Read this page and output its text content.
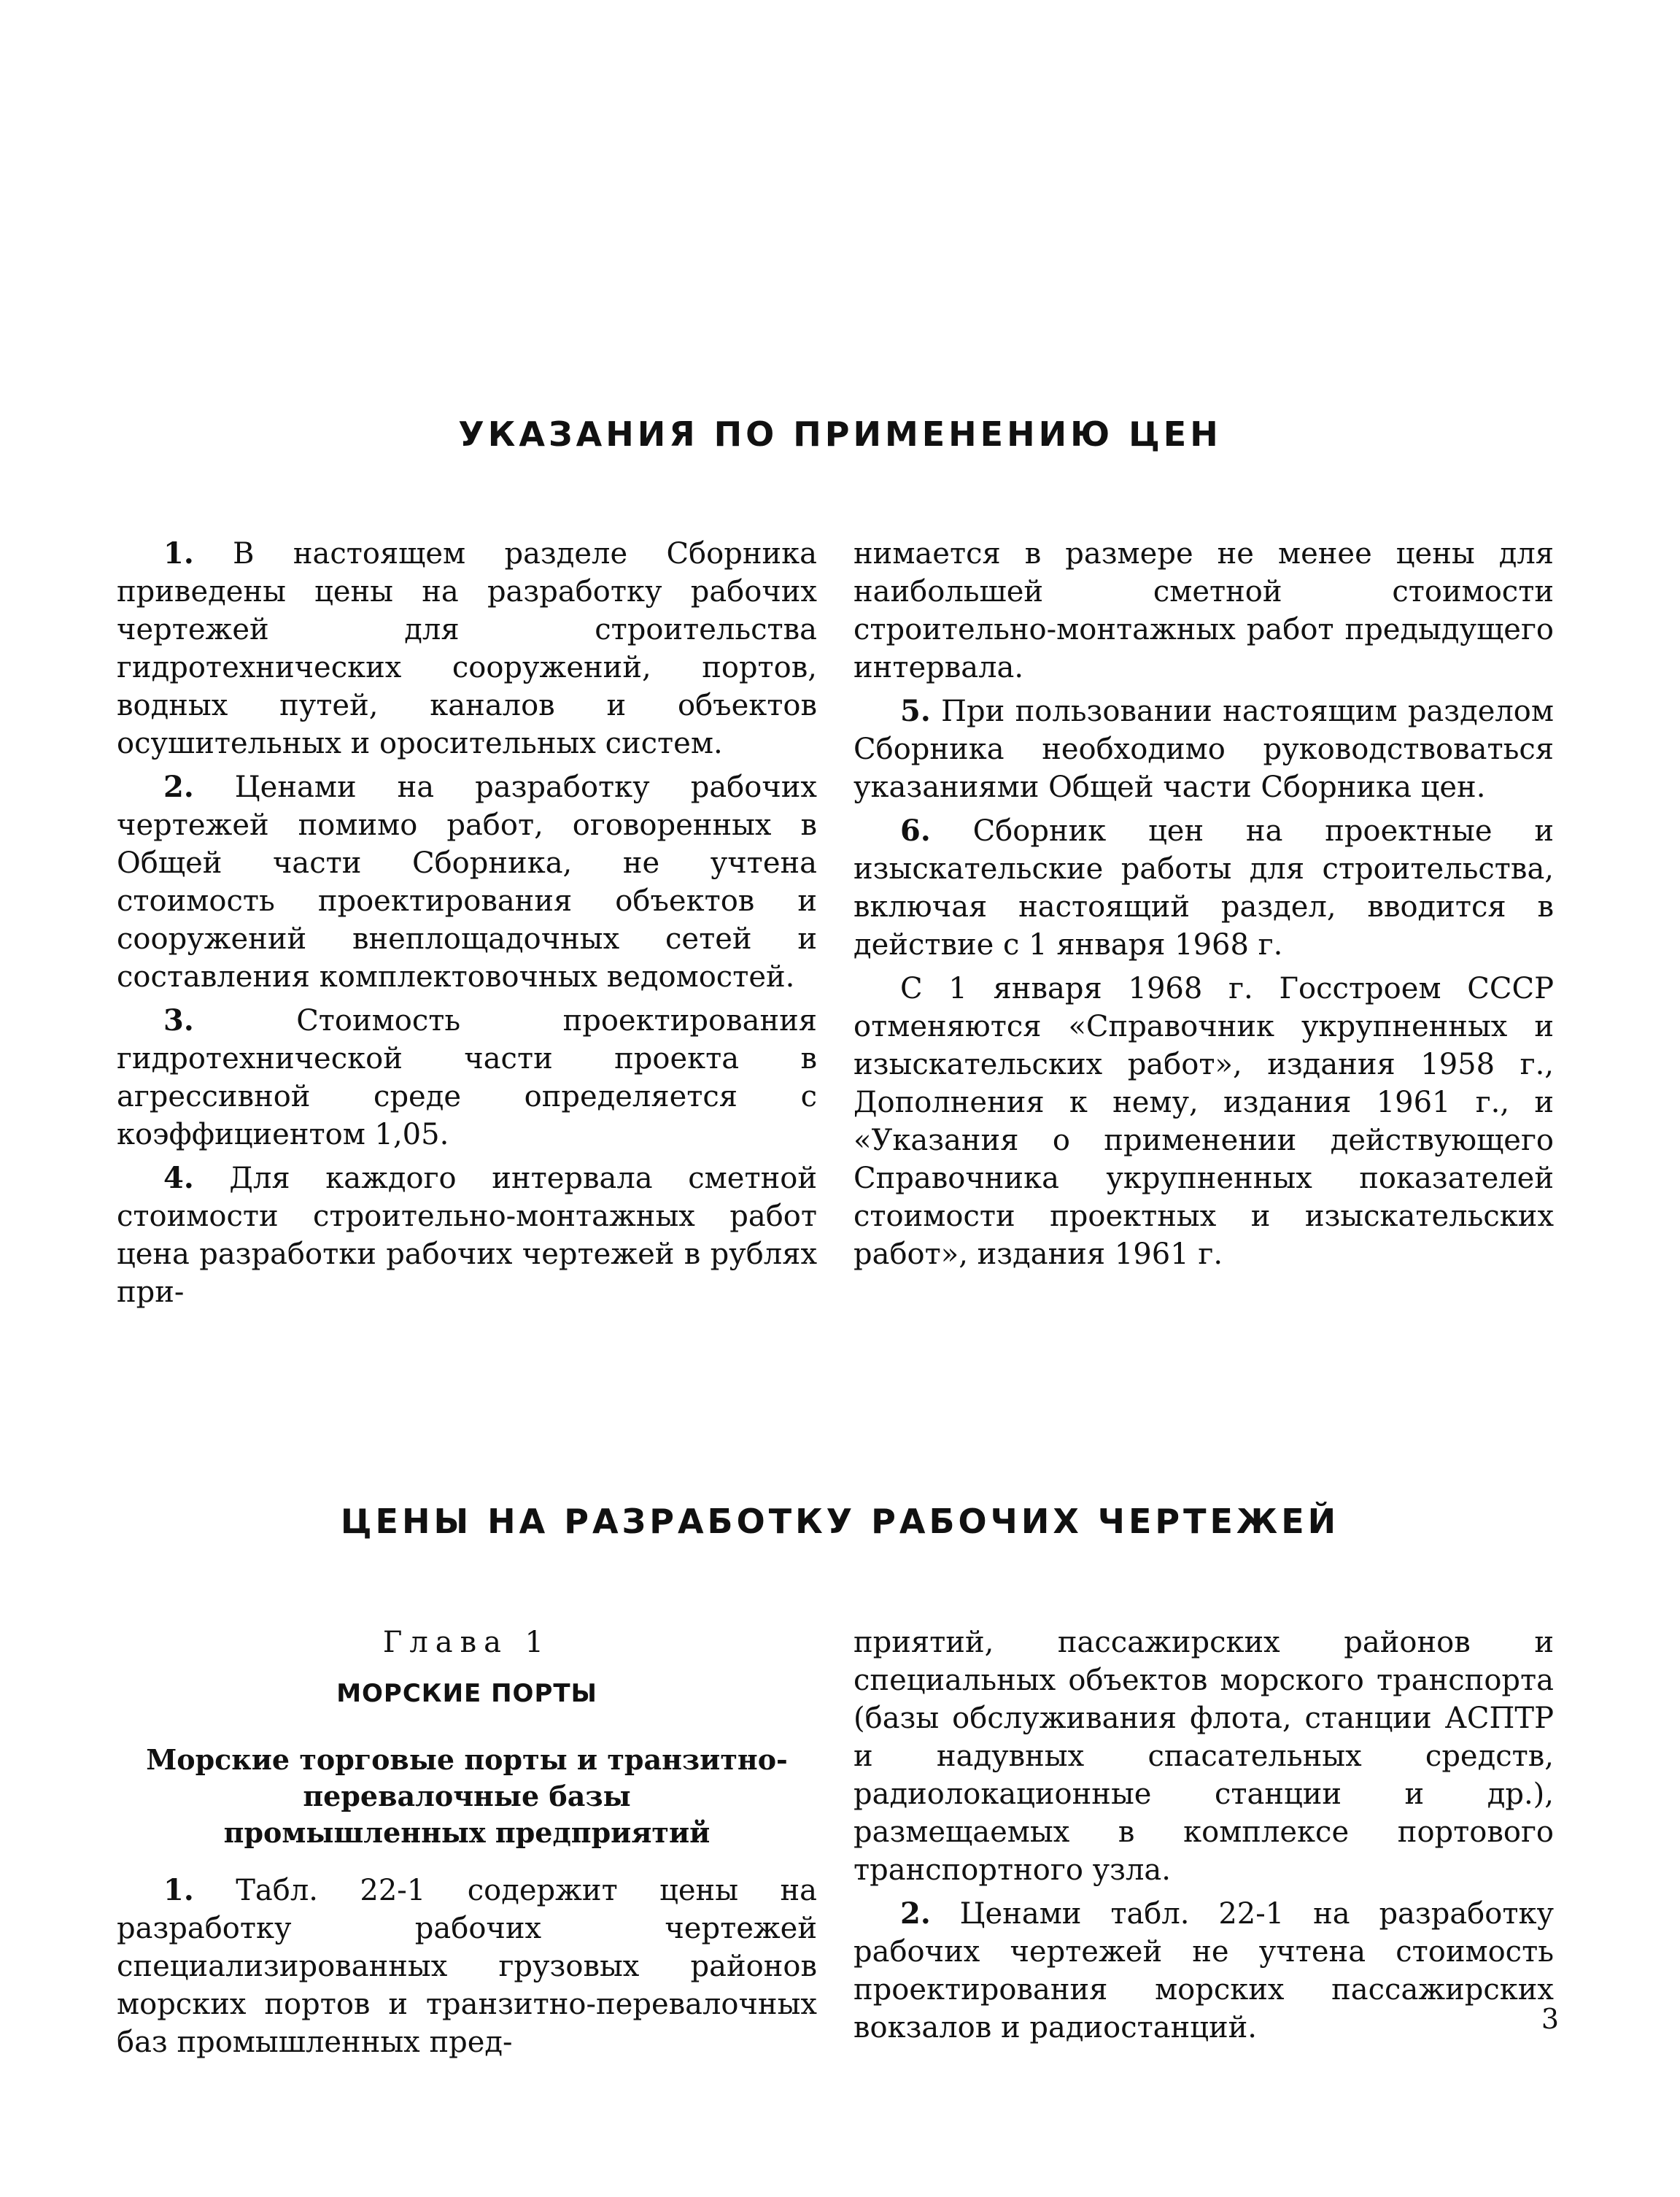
УКАЗАНИЯ ПО ПРИМЕНЕНИЮ ЦЕН

1. В настоящем разделе Сборника приведены цены на разработку рабочих чертежей для строительства гидротехнических сооружений, портов, водных путей, каналов и объектов осушительных и оросительных систем.

2. Ценами на разработку рабочих чертежей помимо работ, оговоренных в Общей части Сборника, не учтена стоимость проектирования объектов и сооружений внеплощадочных сетей и составления комплектовочных ведомостей.

3.	Стоимость проектирования гидротехнической части проекта в агрессивной среде определяется с коэффициентом 1,05.

4. Для каждого интервала сметной стоимости строительно-монтажных работ цена разработки рабочих чертежей в рублях при-

нимается в размере не менее цены для наибольшей сметной стоимости строительно-монтажных работ предыдущего интервала.

5. При пользовании настоящим разделом Сборника необходимо руководствоваться указаниями Общей части Сборника цен.

6. Сборник цен на проектные и изыскательские работы для строительства, включая настоящий раздел, вводится в действие с 1 января 1968 г.

С 1 января 1968 г. Госстроем СССР отменяются «Справочник укрупненных и изыскательских работ», издания 1958 г., Дополнения к нему, издания 1961 г., и «Указания о применении действующего Справочника укрупненных показателей стоимости проектных и изыскательских работ», издания 1961 г.

ЦЕНЫ НА РАЗРАБОТКУ РАБОЧИХ ЧЕРТЕЖЕЙ
Глава 1
МОРСКИЕ ПОРТЫ
Морские торговые порты и транзитно-
перевалочные базы
промышленных предприятий

1. Табл. 22-1 содержит цены на разработку рабочих чертежей специализированных грузовых районов морских портов и транзитно-перевалочных баз промышленных пред-

приятий, пассажирских районов и специальных объектов морского транспорта (базы обслуживания флота, станции АСПТР и надувных спасательных средств, радиолокационные станции и др.), размещаемых в комплексе портового транспортного узла.

2. Ценами табл. 22-1 на разработку рабочих чертежей не учтена стоимость проектирования морских пассажирских вокзалов и радиостанций.	3
